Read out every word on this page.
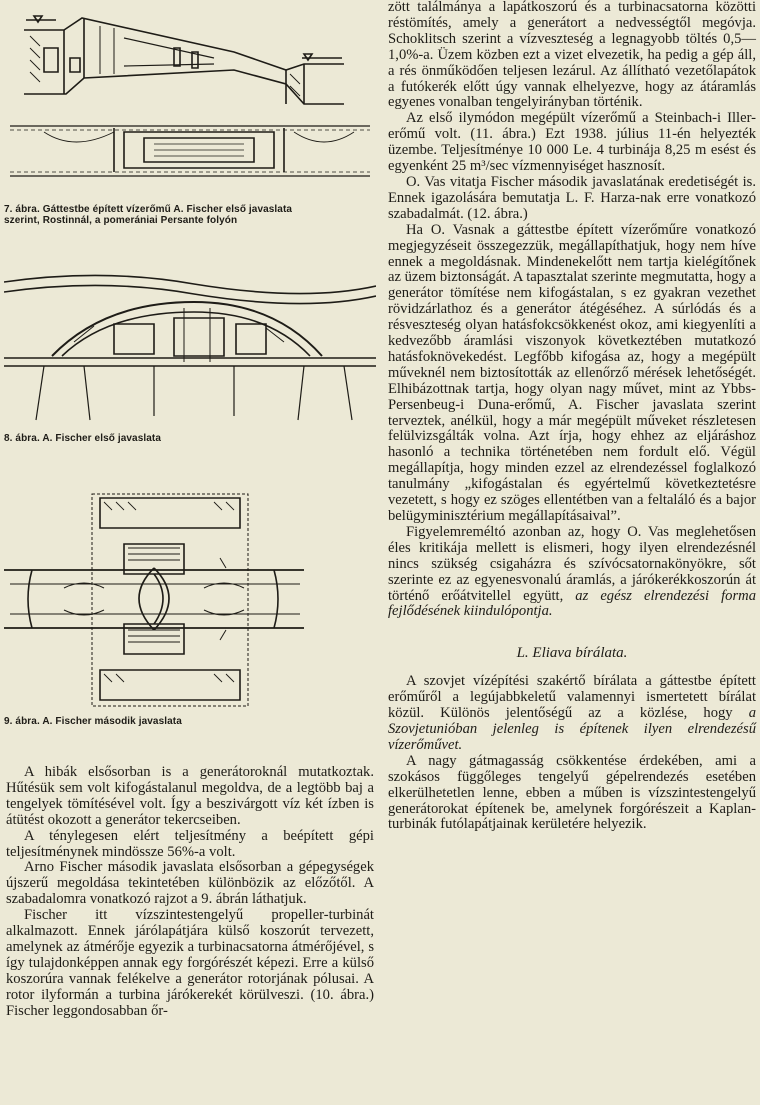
7. ábra. Gáttestbe épített vízerőmű A. Fischer első javaslata
szerint, Rostinnál, a pomerániai Persante folyón
8. ábra. A. Fischer első javaslata
9. ábra. A. Fischer második javaslata

A hibák elsősorban is a generátoroknál mutatkoztak. Hűtésük sem volt kifogástalanul megoldva, de a legtöbb baj a tengelyek tömítésével volt. Így a beszivárgott víz két ízben is átütést okozott a generátor tekercseiben.

A ténylegesen elért teljesítmény a beépített gépi teljesítménynek mindössze 56%-a volt.

Arno Fischer második javaslata elsősorban a gépegységek újszerű megoldása tekintetében különbözik az előzőtől. A szabadalomra vonatkozó rajzot a 9. ábrán láthatjuk.

Fischer itt vízszintestengelyű propeller-turbinát alkalmazott. Ennek járólapátjára külső koszorút tervezett, amelynek az átmérője egyezik a turbinacsatorna átmérőjével, s így tulajdonképpen annak egy forgórészét képezi. Erre a külső koszorúra vannak felékelve a generátor rotorjának pólusai. A rotor ilyformán a turbina járókerekét körülveszi. (10. ábra.) Fischer leggondosabban őr-

zött találmánya a lapátkoszorú és a turbinacsatorna közötti réstömítés, amely a generátort a nedvességtől megóvja. Schoklitsch szerint a vízveszteség a legnagyobb töltés 0,5—1,0%-a. Üzem közben ezt a vizet elvezetik, ha pedig a gép áll, a rés önműködően teljesen lezárul. Az állítható vezetőlapátok a futókerék előtt úgy vannak elhelyezve, hogy az átáramlás egyenes vonalban tengelyirányban történik.

Az első ilymódon megépült vízerőmű a Steinbach-i Iller-erőmű volt. (11. ábra.) Ezt 1938. július 11-én helyezték üzembe. Teljesítménye 10 000 Le. 4 turbinája 8,25 m esést és egyenként 25 m³/sec vízmennyiséget hasznosít.

O. Vas vitatja Fischer második javaslatának eredetiségét is. Ennek igazolására bemutatja L. F. Harza-nak erre vonatkozó szabadalmát. (12. ábra.)

Ha O. Vasnak a gáttestbe épített vízerőműre vonatkozó megjegyzéseit összegezzük, megállapíthatjuk, hogy nem híve ennek a megoldásnak. Mindenekelőtt nem tartja kielégítőnek az üzem biztonságát. A tapasztalat szerinte megmutatta, hogy a generátor tömítése nem kifogástalan, s ez gyakran vezethet rövidzárlathoz és a generátor átégéséhez. A súrlódás és a résveszteség olyan hatásfokcsökkenést okoz, ami kiegyenlíti a kedvezőbb áramlási viszonyok következtében mutatkozó hatásfoknövekedést. Legfőbb kifogása az, hogy a megépült műveknél nem biztosították az ellenőrző mérések lehetőségét. Elhibázottnak tartja, hogy olyan nagy művet, mint az Ybbs-Persenbeug-i Duna-erőmű, A. Fischer javaslata szerint terveztek, anélkül, hogy a már megépült műveket részletesen felülvizsgálták volna. Azt írja, hogy ehhez az eljáráshoz hasonló a technika történetében nem fordult elő. Végül megállapítja, hogy minden ezzel az elrendezéssel foglalkozó tanulmány „kifogástalan és egyértelmű következtetésre vezetett, s hogy ez szöges ellentétben van a feltaláló és a bajor belügyminisztérium megállapításaival”.

Figyelemreméltó azonban az, hogy O. Vas meglehetősen éles kritikája mellett is elismeri, hogy ilyen elrendezésnél nincs szükség csigaházra és szívócsatornakönyökre, sőt szerinte ez az egyenesvonalú áramlás, a járókerékkoszorún át történő erőátvitellel együtt, az egész elrendezési forma fejlődésének kiindulópontja.

L. Eliava bírálata.

A szovjet vízépítési szakértő bírálata a gáttestbe épített erőműről a legújabbkeletű valamennyi ismertetett bírálat közül. Különös jelentőségű az a közlése, hogy a Szovjetunióban jelenleg is építenek ilyen elrendezésű vízerőművet.

A nagy gátmagasság csökkentése érdekében, ami a szokásos függőleges tengelyű gépelrendezés esetében elkerülhetetlen lenne, ebben a műben is vízszintestengelyű generátorokat építenek be, amelynek forgórészeit a Kaplan-turbinák futólapátjainak kerületére helyezik.
